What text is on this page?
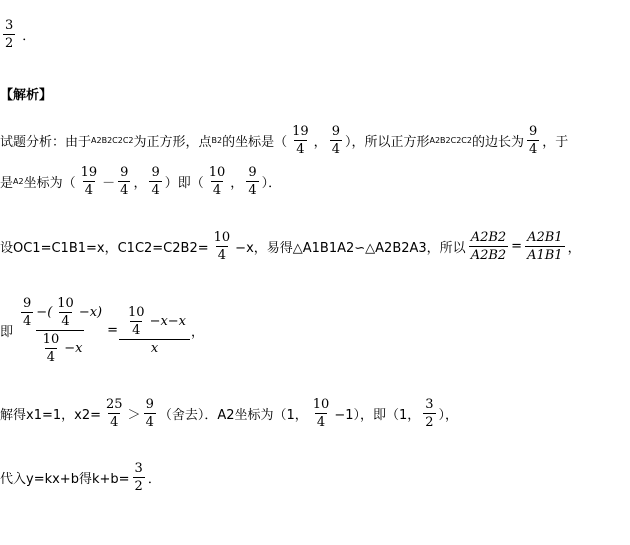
3
2 ．
【解析】
试题分析：由于 A2B2C2C2 为正方形，点 B2 的坐标是（
19
4 ，
9
4 ），所以正方形 A2B2C2C2 的边长为
9
4 ，于
是 A2 坐标为（
19
4 －
9
4 ，
9
4 ）即（
10
4 ，
9
4 ）．
设OC1=C1B1=x，$C1C2=C2B2= \frac{10}{4} -x$，易得△A1B1A2∽△A2B2A3，所以 $\frac{A2B2}{A2B2} = \frac{A2B1}{A1B1}$ ，
即 9
4
−(
10
4
−x)
10
4
−x = 10
4
−x−x
x ，
解得x1=1，$x2= \frac{25}{4}$ ＞
9
4 （舍去）．A2坐标为（1，
10
4 −1），即（1，
3
2 ），
代入y=kx+b得$k+b= \frac{3}{2}$ ．
